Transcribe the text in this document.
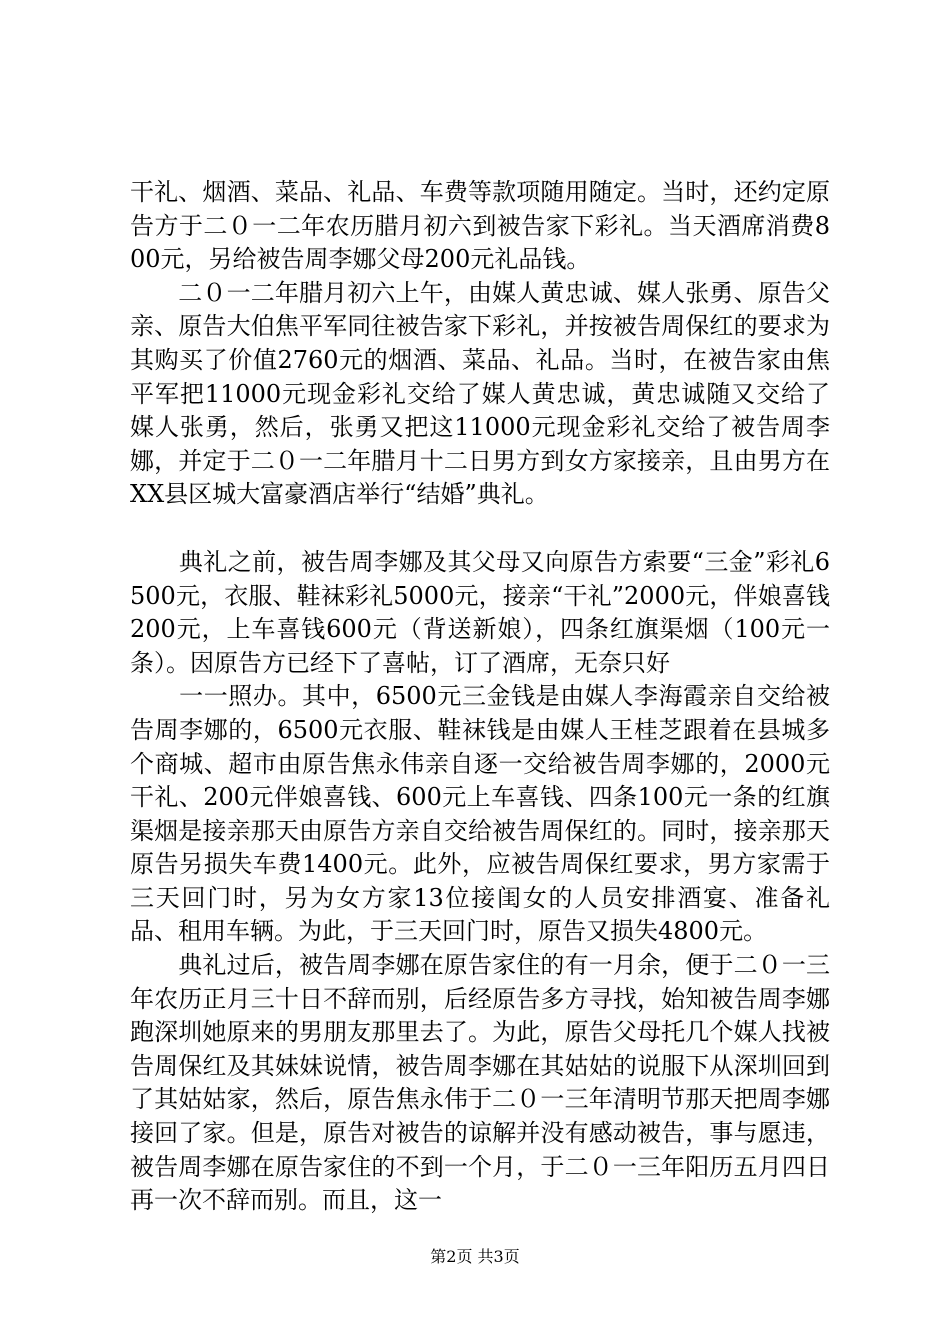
干礼、烟酒、菜品、礼品、车费等款项随用随定。当时，还约定原告方于二０一二年农历腊月初六到被告家下彩礼。当天酒席消费800元，另给被告周李娜父母200元礼品钱。

　　二０一二年腊月初六上午，由媒人黄忠诚、媒人张勇、原告父亲、原告大伯焦平军同往被告家下彩礼，并按被告周保红的要求为其购买了价值2760元的烟酒、菜品、礼品。当时，在被告家由焦平军把11000元现金彩礼交给了媒人黄忠诚，黄忠诚随又交给了媒人张勇，然后，张勇又把这11000元现金彩礼交给了被告周李娜，并定于二０一二年腊月十二日男方到女方家接亲，且由男方在XX县区城大富豪酒店举行“结婚”典礼。

　　典礼之前，被告周李娜及其父母又向原告方索要“三金”彩礼6500元，衣服、鞋袜彩礼5000元，接亲“干礼”2000元，伴娘喜钱200元，上车喜钱600元（背送新娘），四条红旗渠烟（100元一条）。因原告方已经下了喜帖，订了酒席，无奈只好

　　一一照办。其中，6500元三金钱是由媒人李海霞亲自交给被告周李娜的，6500元衣服、鞋袜钱是由媒人王桂芝跟着在县城多个商城、超市由原告焦永伟亲自逐一交给被告周李娜的，2000元干礼、200元伴娘喜钱、600元上车喜钱、四条100元一条的红旗渠烟是接亲那天由原告方亲自交给被告周保红的。同时，接亲那天原告另损失车费1400元。此外，应被告周保红要求，男方家需于三天回门时，另为女方家13位接闺女的人员安排酒宴、准备礼品、租用车辆。为此，于三天回门时，原告又损失4800元。

　　典礼过后，被告周李娜在原告家住的有一月余，便于二０一三年农历正月三十日不辞而别，后经原告多方寻找，始知被告周李娜跑深圳她原来的男朋友那里去了。为此，原告父母托几个媒人找被告周保红及其妹妹说情，被告周李娜在其姑姑的说服下从深圳回到了其姑姑家，然后，原告焦永伟于二０一三年清明节那天把周李娜接回了家。但是，原告对被告的谅解并没有感动被告，事与愿违，被告周李娜在原告家住的不到一个月，于二０一三年阳历五月四日再一次不辞而别。而且，这一

第2页 共3页
